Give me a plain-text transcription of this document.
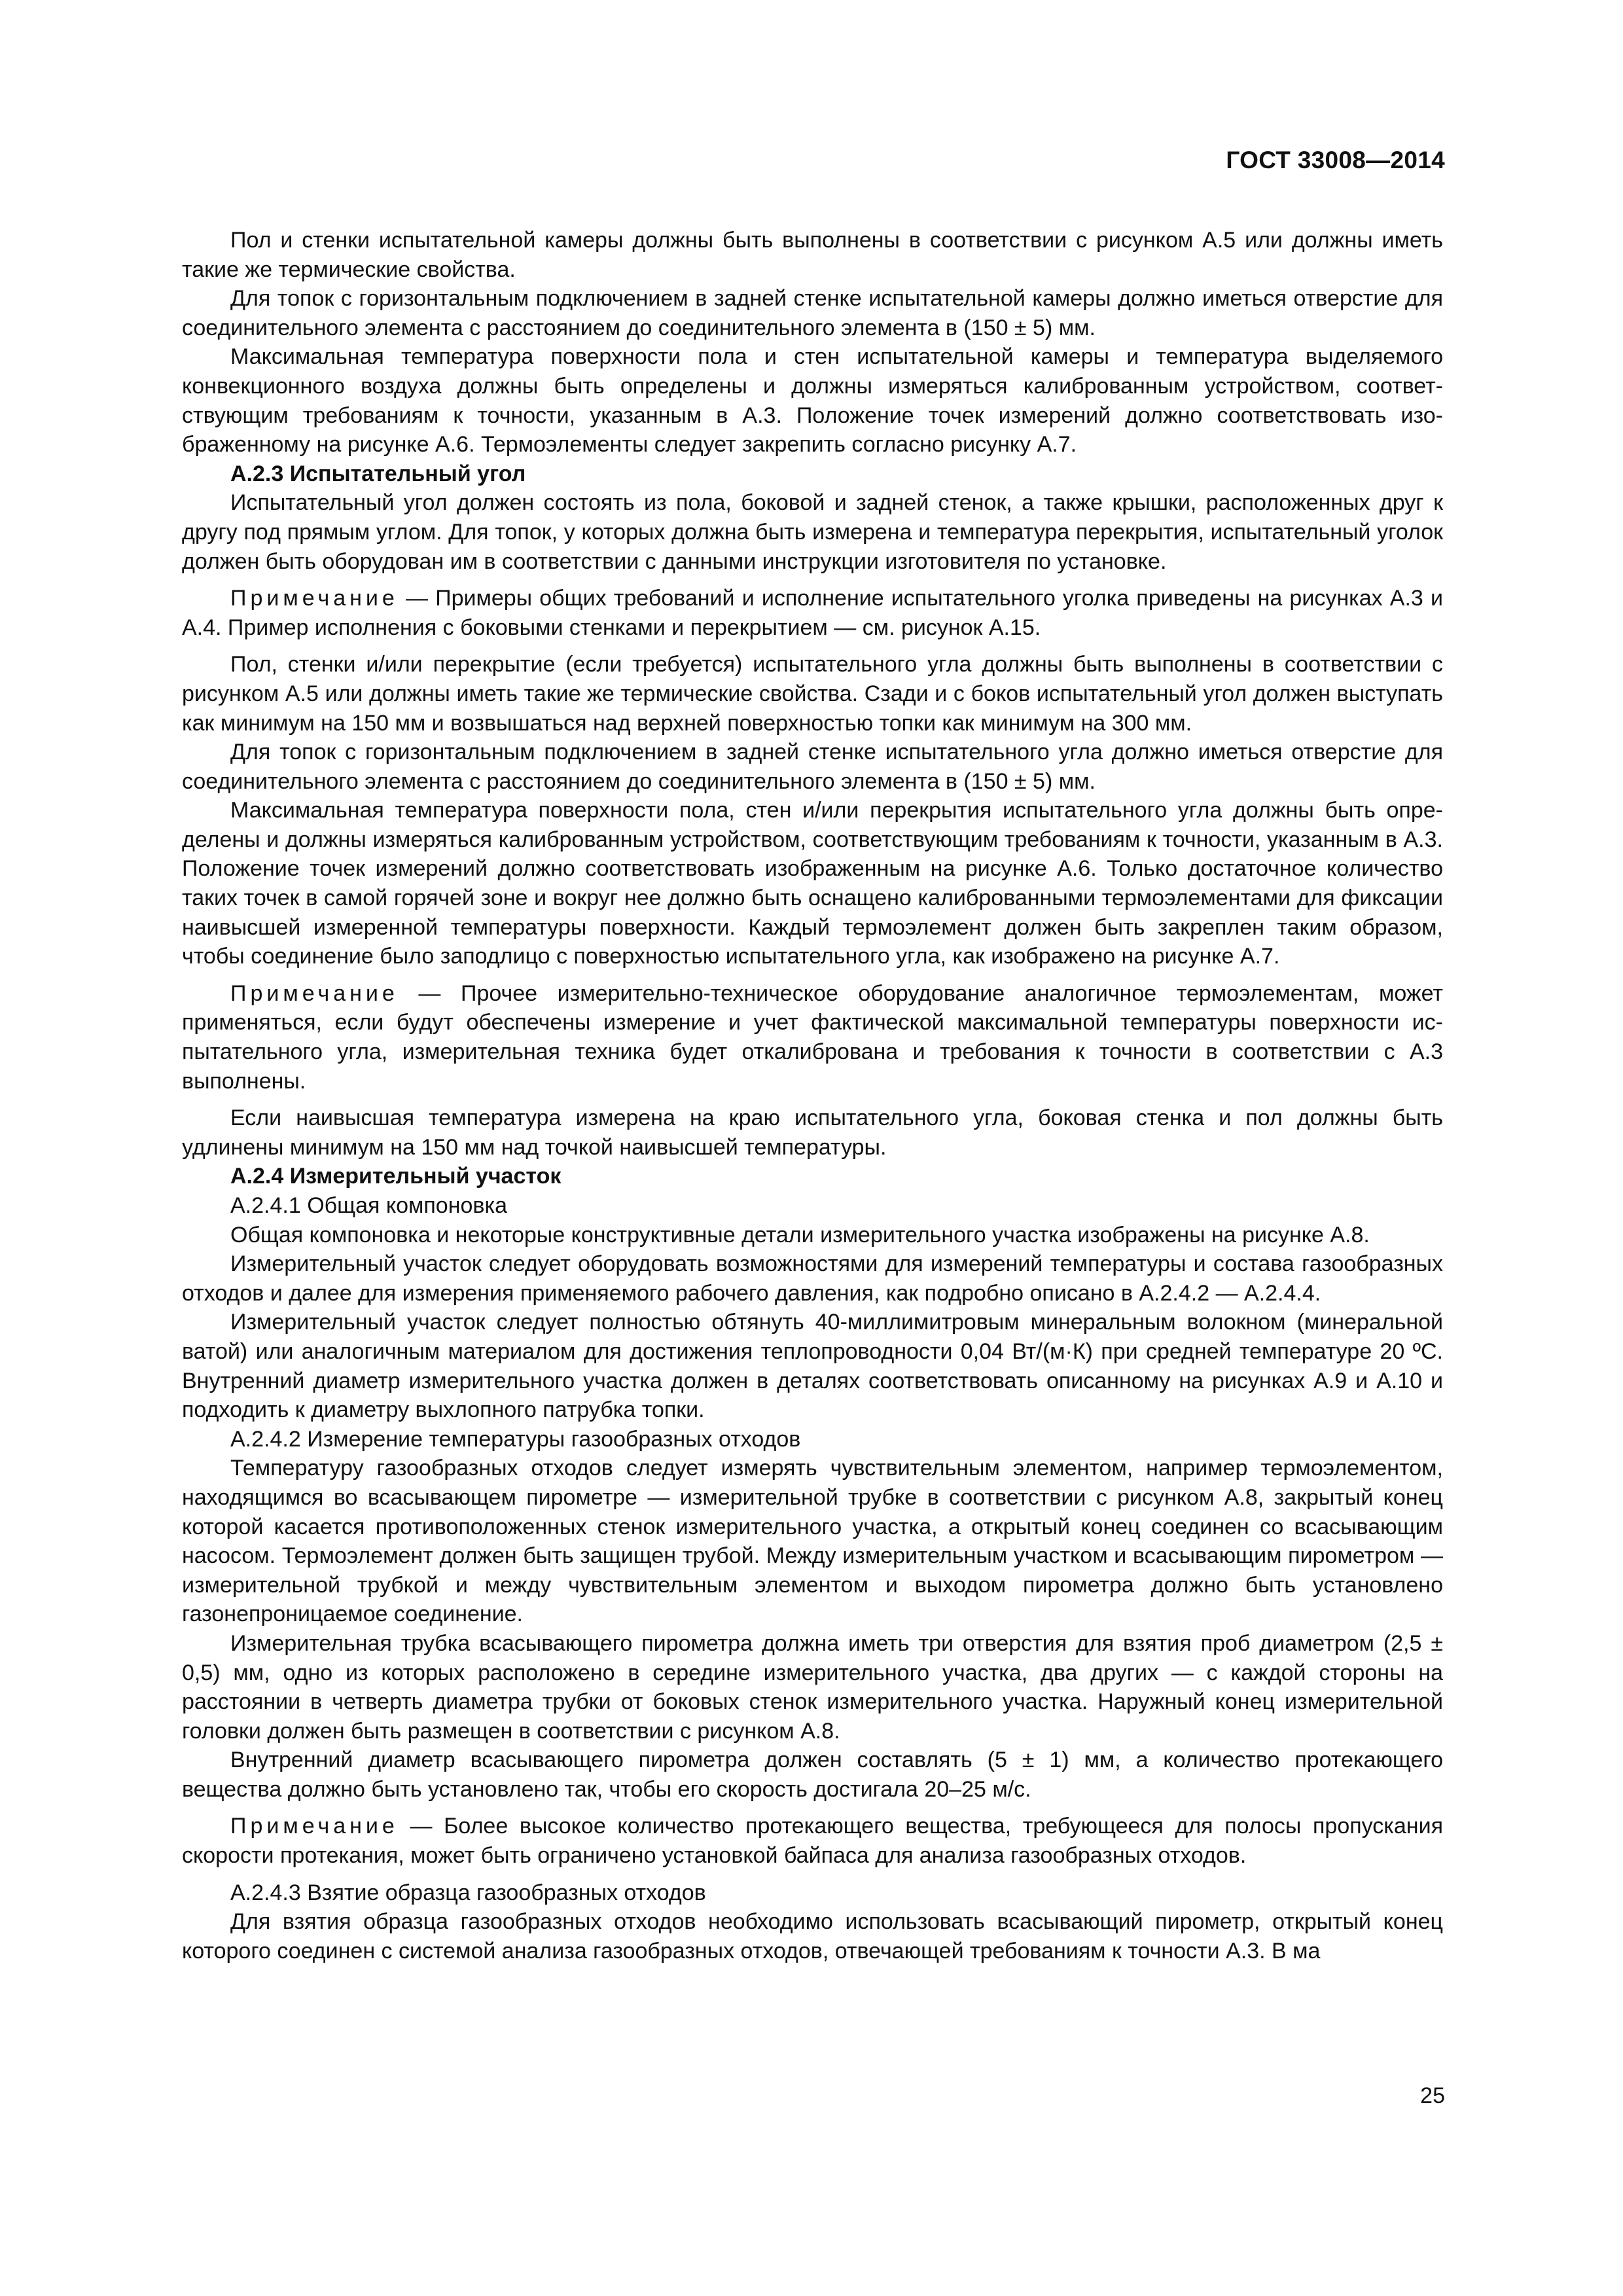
ГОСТ 33008—2014

Пол и стенки испытательной камеры должны быть выполнены в соответствии с рисунком А.5 или должны иметь такие же термические свойства.

Для топок с горизонтальным подключением в задней стенке испытательной камеры должно иметься отверстие для соединительного элемента с расстоянием до соединительного элемента в (150 ± 5) мм.

Максимальная температура поверхности пола и стен испытательной камеры и температура выделяемого конвекционного воздуха должны быть определены и должны измеряться калиброванным устройством, соответствующим требованиям к точности, указанным в А.3. Положение точек измерений должно соответствовать изображенному на рисунке А.6. Термоэлементы следует закрепить согласно рисунку А.7.

А.2.3 Испытательный угол

Испытательный угол должен состоять из пола, боковой и задней стенок, а также крышки, расположенных друг к другу под прямым углом. Для топок, у которых должна быть измерена и температура перекрытия, испытательный уголок должен быть оборудован им в соответствии с данными инструкции изготовителя по установке.

Примечание — Примеры общих требований и исполнение испытательного уголка приведены на рисунках А.3 и А.4. Пример исполнения с боковыми стенками и перекрытием — см. рисунок А.15.

Пол, стенки и/или перекрытие (если требуется) испытательного угла должны быть выполнены в соответствии с рисунком А.5 или должны иметь такие же термические свойства. Сзади и с боков испытательный угол должен выступать как минимум на 150 мм и возвышаться над верхней поверхностью топки как минимум на 300 мм.

Для топок с горизонтальным подключением в задней стенке испытательного угла должно иметься отверстие для соединительного элемента с расстоянием до соединительного элемента в (150 ± 5) мм.

Максимальная температура поверхности пола, стен и/или перекрытия испытательного угла должны быть определены и должны измеряться калиброванным устройством, соответствующим требованиям к точности, указанным в А.3. Положение точек измерений должно соответствовать изображенным на рисунке А.6. Только достаточное количество таких точек в самой горячей зоне и вокруг нее должно быть оснащено калиброванными термоэлементами для фиксации наивысшей измеренной температуры поверхности. Каждый термоэлемент должен быть закреплен таким образом, чтобы соединение было заподлицо с поверхностью испытательного угла, как изображено на рисунке А.7.

Примечание — Прочее измерительно-техническое оборудование аналогичное термоэлементам, может применяться, если будут обеспечены измерение и учет фактической максимальной температуры поверхности испытательного угла, измерительная техника будет откалибрована и требования к точности в соответствии с А.3 выполнены.

Если наивысшая температура измерена на краю испытательного угла, боковая стенка и пол должны быть удлинены минимум на 150 мм над точкой наивысшей температуры.

А.2.4 Измерительный участок

А.2.4.1 Общая компоновка

Общая компоновка и некоторые конструктивные детали измерительного участка изображены на рисунке А.8.

Измерительный участок следует оборудовать возможностями для измерений температуры и состава газообразных отходов и далее для измерения применяемого рабочего давления, как подробно описано в А.2.4.2 — А.2.4.4.

Измерительный участок следует полностью обтянуть 40-миллимитровым минеральным волокном (минеральной ватой) или аналогичным материалом для достижения теплопроводности 0,04 Вт/(м·К) при средней температуре 20 ºС. Внутренний диаметр измерительного участка должен в деталях соответствовать описанному на рисунках А.9 и А.10 и подходить к диаметру выхлопного патрубка топки.

А.2.4.2 Измерение температуры газообразных отходов

Температуру газообразных отходов следует измерять чувствительным элементом, например термоэлементом, находящимся во всасывающем пирометре — измерительной трубке в соответствии с рисунком А.8, закрытый конец которой касается противоположенных стенок измерительного участка, а открытый конец соединен со всасывающим насосом. Термоэлемент должен быть защищен трубой. Между измерительным участком и всасывающим пирометром — измерительной трубкой и между чувствительным элементом и выходом пирометра должно быть установлено газонепроницаемое соединение.

Измерительная трубка всасывающего пирометра должна иметь три отверстия для взятия проб диаметром (2,5 ± 0,5) мм, одно из которых расположено в середине измерительного участка, два других — с каждой стороны на расстоянии в четверть диаметра трубки от боковых стенок измерительного участка. Наружный конец измерительной головки должен быть размещен в соответствии с рисунком А.8.

Внутренний диаметр всасывающего пирометра должен составлять (5 ± 1) мм, а количество протекающего вещества должно быть установлено так, чтобы его скорость достигала 20–25 м/с.

Примечание — Более высокое количество протекающего вещества, требующееся для полосы пропускания скорости протекания, может быть ограничено установкой байпаса для анализа газообразных отходов.

А.2.4.3 Взятие образца газообразных отходов

Для взятия образца газообразных отходов необходимо использовать всасывающий пирометр, открытый конец которого соединен с системой анализа газообразных отходов, отвечающей требованиям к точности А.3. В ма

25
